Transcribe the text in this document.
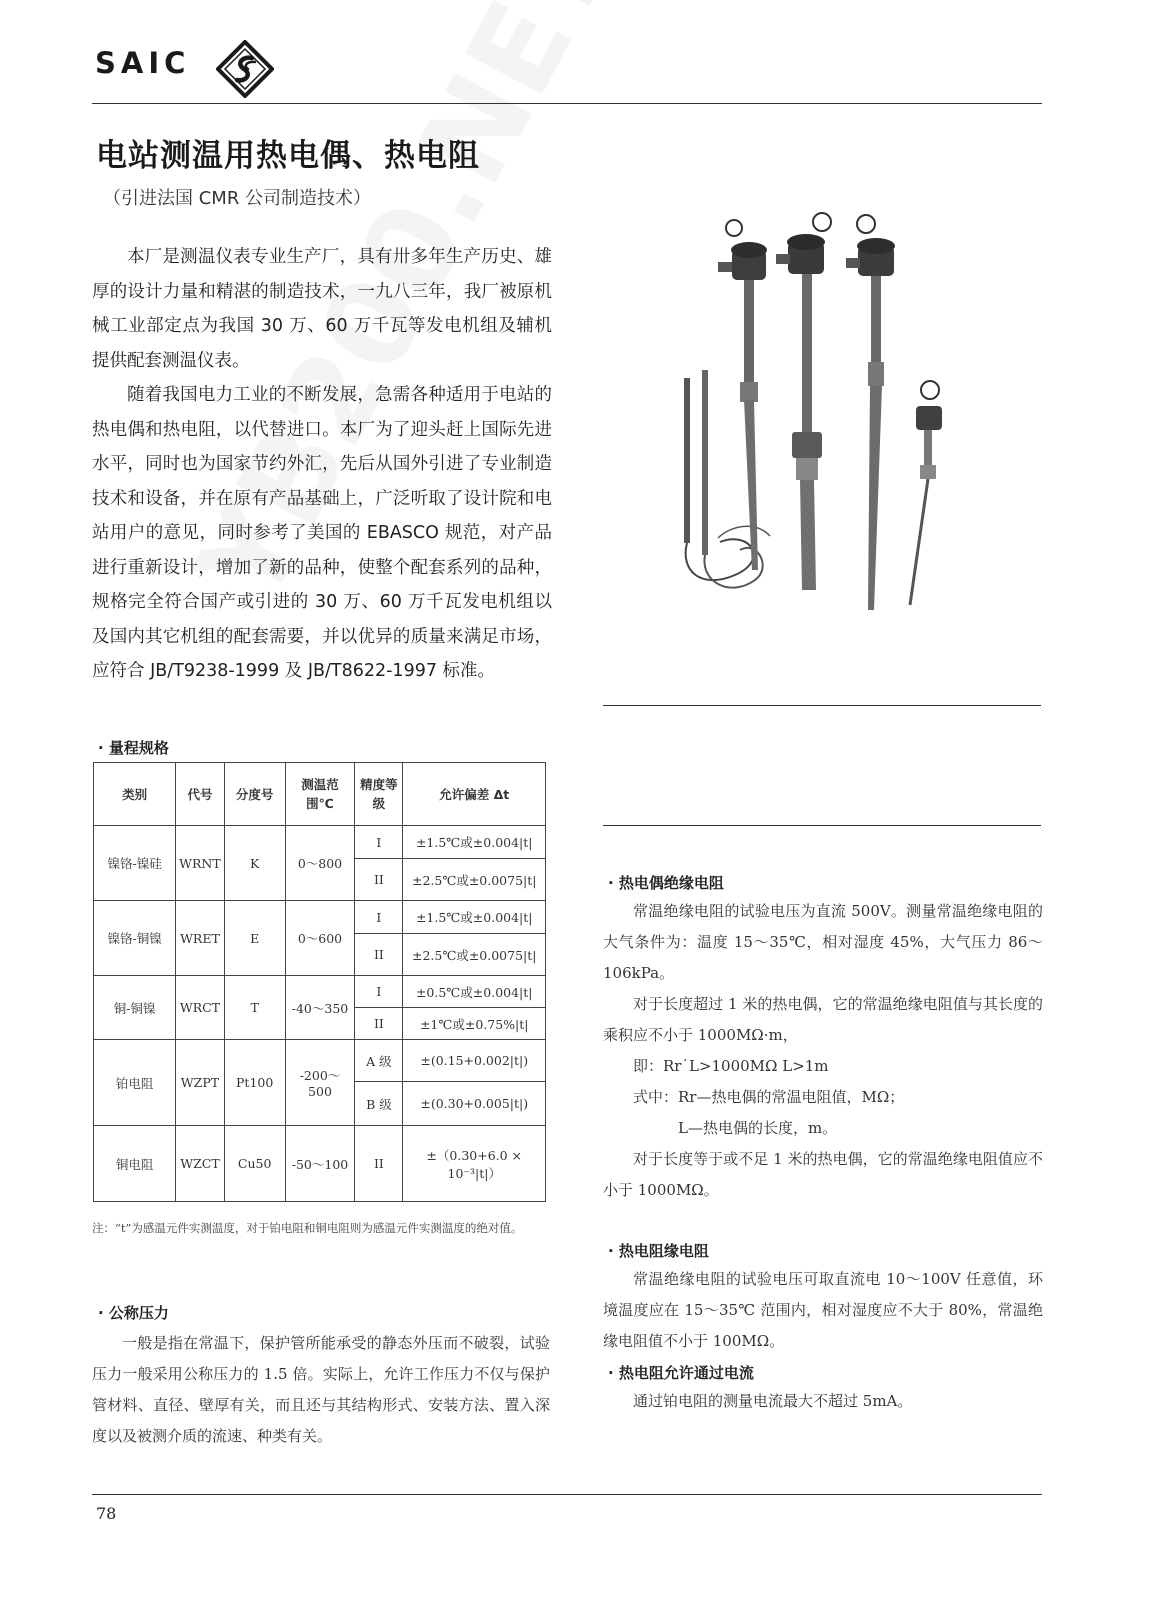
SAIC
电站测温用热电偶、热电阻
（引进法国 CMR 公司制造技术）

本厂是测温仪表专业生产厂，具有卅多年生产历史、雄厚的设计力量和精湛的制造技术，一九八三年，我厂被原机械工业部定点为我国 30 万、60 万千瓦等发电机组及辅机提供配套测温仪表。

随着我国电力工业的不断发展，急需各种适用于电站的热电偶和热电阻，以代替进口。本厂为了迎头赶上国际先进水平，同时也为国家节约外汇，先后从国外引进了专业制造技术和设备，并在原有产品基础上，广泛听取了设计院和电站用户的意见，同时参考了美国的 EBASCO 规范，对产品进行重新设计，增加了新的品种，使整个配套系列的品种，规格完全符合国产或引进的 30 万、60 万千瓦发电机组以及国内其它机组的配套需要，并以优异的质量来满足市场，应符合 JB/T9238-1999 及 JB/T8622-1997 标准。

· 量程规格
类别	代号	分度号	测温范围℃	精度等级	允许偏差 Δt
镍铬-镍硅	WRNT	K	0～800	I	±1.5℃或±0.004|t|
				II	±2.5℃或±0.0075|t|
镍铬-铜镍	WRET	E	0～600	I	±1.5℃或±0.004|t|
				II	±2.5℃或±0.0075|t|
铜-铜镍	WRCT	T	-40～350	I	±0.5℃或±0.004|t|
				II	±1℃或±0.75%|t|
铂电阻	WZPT	Pt100	-200～500	A 级	±(0.15+0.002|t|)
				B 级	±(0.30+0.005|t|)
铜电阻	WZCT	Cu50	-50～100	II	±（0.30+6.0 × 10⁻³|t|）
注：“t”为感温元件实测温度，对于铂电阻和铜电阻则为感温元件实测温度的绝对值。
· 公称压力

一般是指在常温下，保护管所能承受的静态外压而不破裂，试验压力一般采用公称压力的 1.5 倍。实际上，允许工作压力不仅与保护管材料、直径、壁厚有关，而且还与其结构形式、安装方法、置入深度以及被测介质的流速、种类有关。

· 热电偶绝缘电阻

常温绝缘电阻的试验电压为直流 500V。测量常温绝缘电阻的大气条件为：温度 15～35℃，相对湿度 45%，大气压力 86～106kPa。

对于长度超过 1 米的热电偶，它的常温绝缘电阻值与其长度的乘积应不小于 1000MΩ·m，

即：Rr˙L>1000MΩ L>1m

式中：Rr—热电偶的常温电阻值，MΩ；

L—热电偶的长度，m。

对于长度等于或不足 1 米的热电偶，它的常温绝缘电阻值应不小于 1000MΩ。

· 热电阻缘电阻

常温绝缘电阻的试验电压可取直流电 10～100V 任意值，环境温度应在 15～35℃ 范围内，相对湿度应不大于 80%，常温绝缘电阻值不小于 100MΩ。

· 热电阻允许通过电流

通过铂电阻的测量电流最大不超过 5mA。

78
